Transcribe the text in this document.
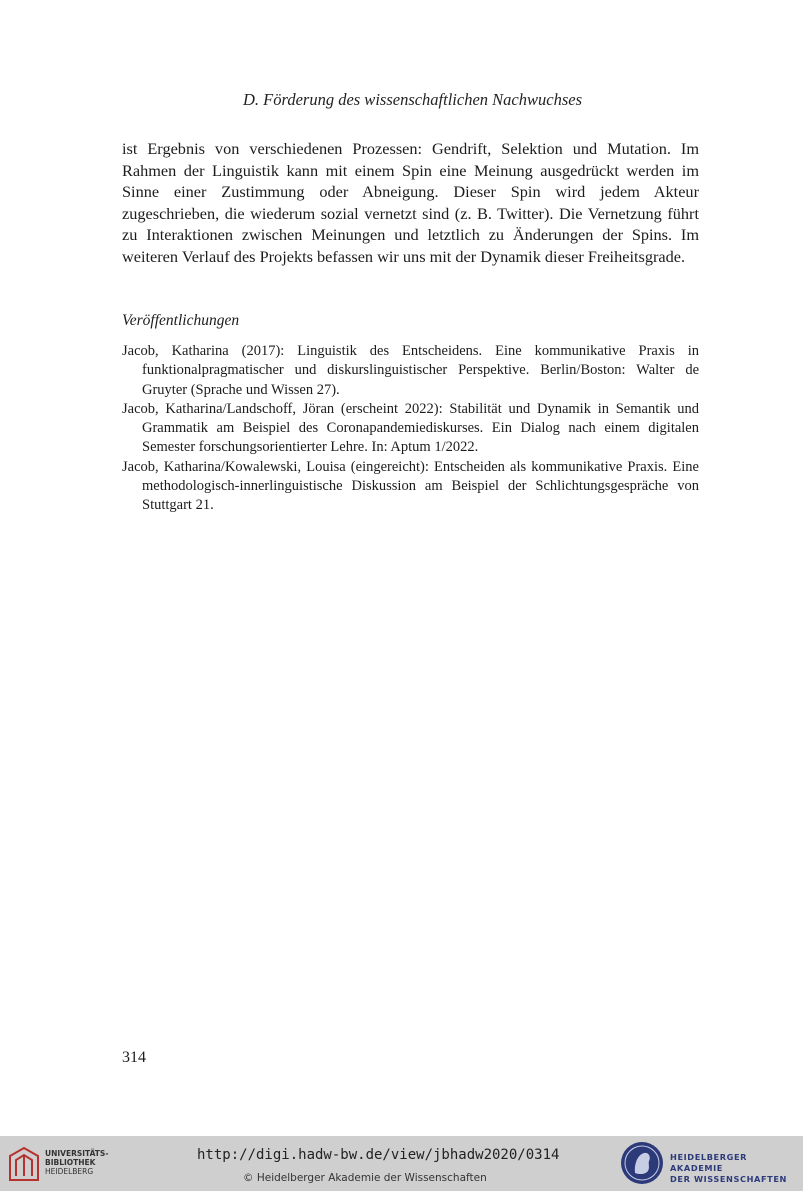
D. Förderung des wissenschaftlichen Nachwuchses

ist Ergebnis von verschiedenen Prozessen: Gendrift, Selektion und Mutation. Im Rahmen der Linguistik kann mit einem Spin eine Meinung ausgedrückt werden im Sinne einer Zustimmung oder Abneigung. Dieser Spin wird jedem Akteur zugeschrieben, die wiederum sozial vernetzt sind (z. B. Twitter). Die Vernetzung führt zu Interaktionen zwischen Meinungen und letztlich zu Änderungen der Spins. Im weiteren Verlauf des Projekts befassen wir uns mit der Dynamik dieser Freiheitsgrade.

Veröffentlichungen
Jacob, Katharina (2017): Linguistik des Entscheidens. Eine kommunikative Praxis in funktionalpragmatischer und diskurslinguistischer Perspektive. Berlin/Boston: Walter de Gruyter (Sprache und Wissen 27).
Jacob, Katharina/Landschoff, Jöran (erscheint 2022): Stabilität und Dynamik in Semantik und Grammatik am Beispiel des Coronapandemiediskurses. Ein Dialog nach einem digitalen Semester forschungsorientierter Lehre. In: Aptum 1/2022.
Jacob, Katharina/Kowalewski, Louisa (eingereicht): Entscheiden als kommunikative Praxis. Eine methodologisch-innerlinguistische Diskussion am Beispiel der Schlichtungsgespräche von Stuttgart 21.
314
UNIVERSITÄTS-
BIBLIOTHEK
HEIDELBERG
http://digi.hadw-bw.de/view/jbhadw2020/0314
© Heidelberger Akademie der Wissenschaften
HEIDELBERGER AKADEMIE
DER WISSENSCHAFTEN
